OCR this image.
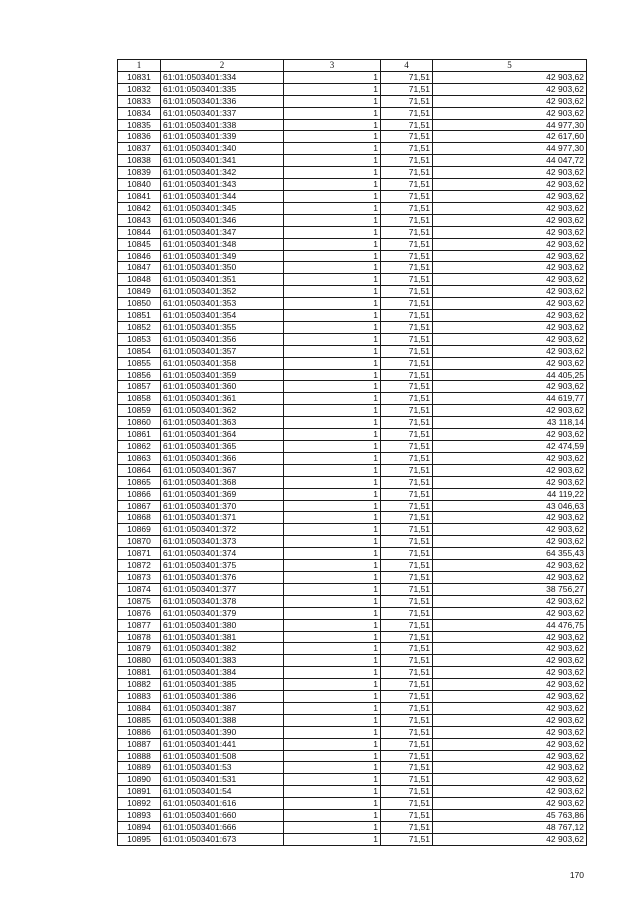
1	2	3	4	5
10831	61:01:0503401:334	1	71,51	42 903,62
10832	61:01:0503401:335	1	71,51	42 903,62
10833	61:01:0503401:336	1	71,51	42 903,62
10834	61:01:0503401:337	1	71,51	42 903,62
10835	61:01:0503401:338	1	71,51	44 977,30
10836	61:01:0503401:339	1	71,51	42 617,60
10837	61:01:0503401:340	1	71,51	44 977,30
10838	61:01:0503401:341	1	71,51	44 047,72
10839	61:01:0503401:342	1	71,51	42 903,62
10840	61:01:0503401:343	1	71,51	42 903,62
10841	61:01:0503401:344	1	71,51	42 903,62
10842	61:01:0503401:345	1	71,51	42 903,62
10843	61:01:0503401:346	1	71,51	42 903,62
10844	61:01:0503401:347	1	71,51	42 903,62
10845	61:01:0503401:348	1	71,51	42 903,62
10846	61:01:0503401:349	1	71,51	42 903,62
10847	61:01:0503401:350	1	71,51	42 903,62
10848	61:01:0503401:351	1	71,51	42 903,62
10849	61:01:0503401:352	1	71,51	42 903,62
10850	61:01:0503401:353	1	71,51	42 903,62
10851	61:01:0503401:354	1	71,51	42 903,62
10852	61:01:0503401:355	1	71,51	42 903,62
10853	61:01:0503401:356	1	71,51	42 903,62
10854	61:01:0503401:357	1	71,51	42 903,62
10855	61:01:0503401:358	1	71,51	42 903,62
10856	61:01:0503401:359	1	71,51	44 405,25
10857	61:01:0503401:360	1	71,51	42 903,62
10858	61:01:0503401:361	1	71,51	44 619,77
10859	61:01:0503401:362	1	71,51	42 903,62
10860	61:01:0503401:363	1	71,51	43 118,14
10861	61:01:0503401:364	1	71,51	42 903,62
10862	61:01:0503401:365	1	71,51	42 474,59
10863	61:01:0503401:366	1	71,51	42 903,62
10864	61:01:0503401:367	1	71,51	42 903,62
10865	61:01:0503401:368	1	71,51	42 903,62
10866	61:01:0503401:369	1	71,51	44 119,22
10867	61:01:0503401:370	1	71,51	43 046,63
10868	61:01:0503401:371	1	71,51	42 903,62
10869	61:01:0503401:372	1	71,51	42 903,62
10870	61:01:0503401:373	1	71,51	42 903,62
10871	61:01:0503401:374	1	71,51	64 355,43
10872	61:01:0503401:375	1	71,51	42 903,62
10873	61:01:0503401:376	1	71,51	42 903,62
10874	61:01:0503401:377	1	71,51	38 756,27
10875	61:01:0503401:378	1	71,51	42 903,62
10876	61:01:0503401:379	1	71,51	42 903,62
10877	61:01:0503401:380	1	71,51	44 476,75
10878	61:01:0503401:381	1	71,51	42 903,62
10879	61:01:0503401:382	1	71,51	42 903,62
10880	61:01:0503401:383	1	71,51	42 903,62
10881	61:01:0503401:384	1	71,51	42 903,62
10882	61:01:0503401:385	1	71,51	42 903,62
10883	61:01:0503401:386	1	71,51	42 903,62
10884	61:01:0503401:387	1	71,51	42 903,62
10885	61:01:0503401:388	1	71,51	42 903,62
10886	61:01:0503401:390	1	71,51	42 903,62
10887	61:01:0503401:441	1	71,51	42 903,62
10888	61:01:0503401:508	1	71,51	42 903,62
10889	61:01:0503401:53	1	71,51	42 903,62
10890	61:01:0503401:531	1	71,51	42 903,62
10891	61:01:0503401:54	1	71,51	42 903,62
10892	61:01:0503401:616	1	71,51	42 903,62
10893	61:01:0503401:660	1	71,51	45 763,86
10894	61:01:0503401:666	1	71,51	48 767,12
10895	61:01:0503401:673	1	71,51	42 903,62
170
